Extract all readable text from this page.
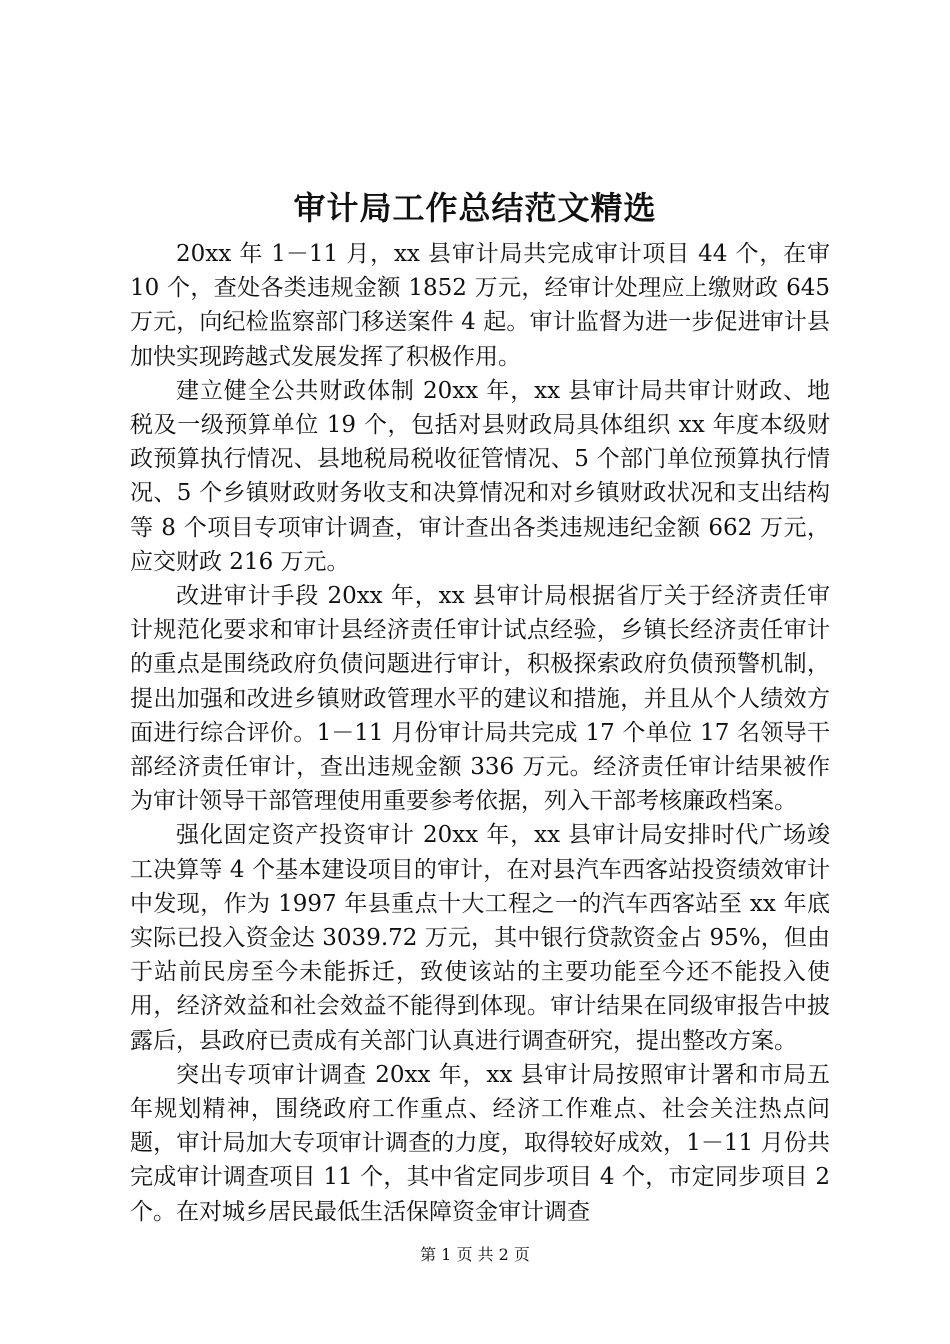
审计局工作总结范文精选

20xx 年 1－11 月，xx 县审计局共完成审计项目 44 个，在审 10 个，查处各类违规金额 1852 万元，经审计处理应上缴财政 645 万元，向纪检监察部门移送案件 4 起。审计监督为进一步促进审计县加快实现跨越式发展发挥了积极作用。

建立健全公共财政体制 20xx 年，xx 县审计局共审计财政、地税及一级预算单位 19 个，包括对县财政局具体组织 xx 年度本级财政预算执行情况、县地税局税收征管情况、5 个部门单位预算执行情况、5 个乡镇财政财务收支和决算情况和对乡镇财政状况和支出结构等 8 个项目专项审计调查，审计查出各类违规违纪金额 662 万元，应交财政 216 万元。

改进审计手段 20xx 年，xx 县审计局根据省厅关于经济责任审计规范化要求和审计县经济责任审计试点经验，乡镇长经济责任审计的重点是围绕政府负债问题进行审计，积极探索政府负债预警机制，提出加强和改进乡镇财政管理水平的建议和措施，并且从个人绩效方面进行综合评价。1－11 月份审计局共完成 17 个单位 17 名领导干部经济责任审计，查出违规金额 336 万元。经济责任审计结果被作为审计领导干部管理使用重要参考依据，列入干部考核廉政档案。

强化固定资产投资审计 20xx 年，xx 县审计局安排时代广场竣工决算等 4 个基本建设项目的审计，在对县汽车西客站投资绩效审计中发现，作为 1997 年县重点十大工程之一的汽车西客站至 xx 年底实际已投入资金达 3039.72 万元，其中银行贷款资金占 95%，但由于站前民房至今未能拆迁，致使该站的主要功能至今还不能投入使用，经济效益和社会效益不能得到体现。审计结果在同级审报告中披露后，县政府已责成有关部门认真进行调查研究，提出整改方案。

突出专项审计调查 20xx 年，xx 县审计局按照审计署和市局五年规划精神，围绕政府工作重点、经济工作难点、社会关注热点问题，审计局加大专项审计调查的力度，取得较好成效，1－11 月份共完成审计调查项目 11 个，其中省定同步项目 4 个，市定同步项目 2 个。在对城乡居民最低生活保障资金审计调查

第 1 页 共 2 页
